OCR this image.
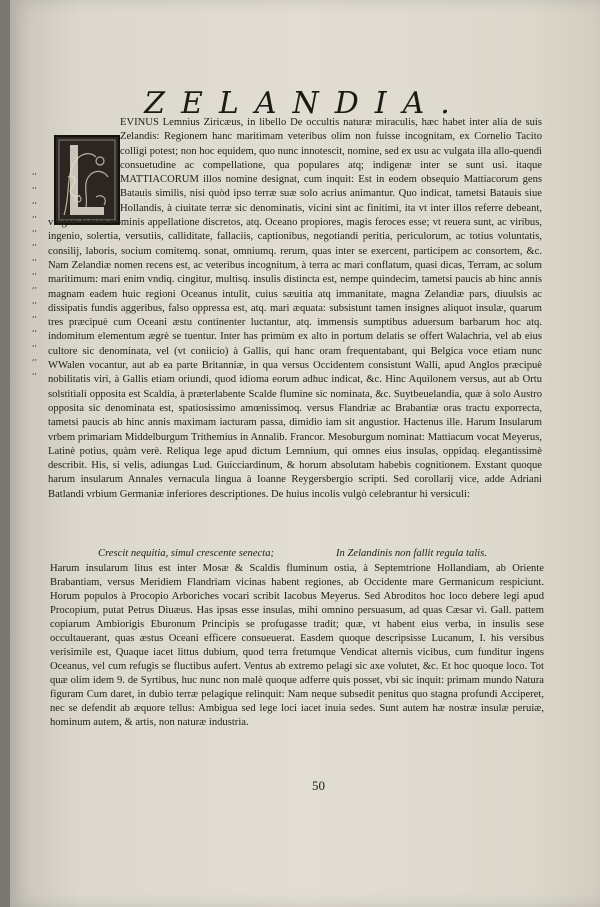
ZELANDIA.
,,
,,
,,
,,
,,
,,
,,
,,
,,
,,
,,
,,
,,
,,
,,

EVINUS Lemnius Ziricæus, in libello De occultis naturæ miraculis, hæc habet inter alia de suis Zelandis: Regionem hanc maritimam veteribus olim non fuisse incognitam, ex Cornelio Tacito colligi potest; non hoc equidem, quo nunc innotescit, nomine, sed ex usu ac vulgata illa allo-quendi consuetudine ac compellatione, qua populares atq; indigenæ inter se sunt usi. itaque MATTIACORUM illos nomine designat, cum inquit: Est in eodem obsequio Mattiacorum gens Batauis similis, nisi quòd ipso terræ suæ solo acrius animantur. Quo indicat, tametsi Batauis siue Hollandis, à ciuitate terræ sic denominatis, vicini sint ac finitimi, ita vt inter illos referre debeant, vulgari tamen nominis appellatione discretos, atq. Oceano propiores, magis feroces esse; vt reuera sunt, ac viribus, ingenio, solertia, versutiis, calliditate, fallaciis, captionibus, negotiandi peritia, periculorum, ac totius voluntatis, consilij, laboris, socium comitemq. sonat, omniumq. rerum, quas inter se exercent, participem ac consortem, &c. Nam Zelandiæ nomen recens est, ac veteribus incognitum, à terra ac mari conflatum, quasi dicas, Terram, ac solum maritimum: mari enim vndiq. cingitur, multisq. insulis distincta est, nempe quindecim, tametsi paucis ab hinc annis magnam eadem huic regioni Oceanus intulit, cuius sæuitia atq immanitate, magna Zelandiæ pars, diuulsis ac dissipatis fundis aggeribus, falso oppressa est, atq. mari æquata: subsistunt tamen insignes aliquot insulæ, quarum tres præcipuè cum Oceani æstu continenter luctantur, atq. immensis sumptibus aduersum barbarum hoc atq. indomitum elementum ægrè se tuentur. Inter has primùm ex alto in portum delatis se offert Walachria, vel ab eius cultore sic denominata, vel (vt coniicio) à Gallis, qui hanc oram frequentabant, qui Belgica voce etiam nunc WWalen vocantur, aut ab ea parte Britanniæ, in qua versus Occidentem consistunt Walli, apud Anglos præcipuè nobilitatis viri, à Gallis etiam oriundi, quod idioma eorum adhuc indicat, &c. Hinc Aquilonem versus, aut ab Ortu solstitiali opposita est Scaldia, à præterlabente Scalde flumine sic nominata, &c. Suytbeuelandia, quæ à solo Austro opposita sic denominata est, spatiosissimo amœnissimoq. versus Flandriæ ac Brabantiæ oras tractu exporrecta, tametsi paucis ab hinc annis maximam iacturam passa, dimidio iam sit angustior. Hactenus ille. Harum Insularum vrbem primariam Middelburgum Trithemius in Annalib. Francor. Mesoburgum nominat: Mattiacum vocat Meyerus, Latinè potius, quàm verè. Reliqua lege apud dictum Lemnium, qui omnes eius insulas, oppidaq. elegantissimè describit. His, si velis, adiungas Lud. Guicciardinum, & horum absolutam habebis cognitionem. Exstant quoque harum insularum Annales vernacula lingua à Ioanne Reygersbergio scripti. Sed corollarij vice, adde Adriani Batlandi vrbium Germaniæ inferiores descriptiones. De huius incolis vulgò celebrantur hi versiculi:

Crescit nequitia, simul crescente senecta;	In Zelandinis non fallit regula talis.

Harum insularum litus est inter Mosæ & Scaldis fluminum ostia, à Septemtrione Hollandiam, ab Oriente Brabantiam, versus Meridiem Flandriam vicinas habent regiones, ab Occidente mare Germanicum respiciunt. Horum populos à Procopio Arboriches vocari scribit Iacobus Meyerus. Sed Abroditos hoc loco debere legi apud Procopium, putat Petrus Diuæus. Has ipsas esse insulas, mihi omnino persuasum, ad quas Cæsar vi. Gall. pattem copiarum Ambiorigis Eburonum Principis se profugasse tradit; quæ, vt habent eius verba, in insulis sese occultauerant, quas æstus Oceani efficere consueuerat. Easdem quoque descripsisse Lucanum, I. his versibus verisimile est, Quaque iacet littus dubium, quod terra fretumque Vendicat alternis vicibus, cum funditur ingens Oceanus, vel cum refugis se fluctibus aufert. Ventus ab extremo pelagi sic axe volutet, &c. Et hoc quoque loco. Tot quæ olim idem 9. de Syrtibus, huc nunc non malè quoque adferre quis posset, vbi sic inquit: primam mundo Natura figuram Cum daret, in dubio terræ pelagique relinquit: Nam neque subsedit penitus quo stagna profundi Acciperet, nec se defendit ab æquore tellus: Ambigua sed lege loci iacet inuia sedes. Sunt autem hæ nostræ insulæ peruiæ, hominum autem, & artis, non naturæ industria.

50
